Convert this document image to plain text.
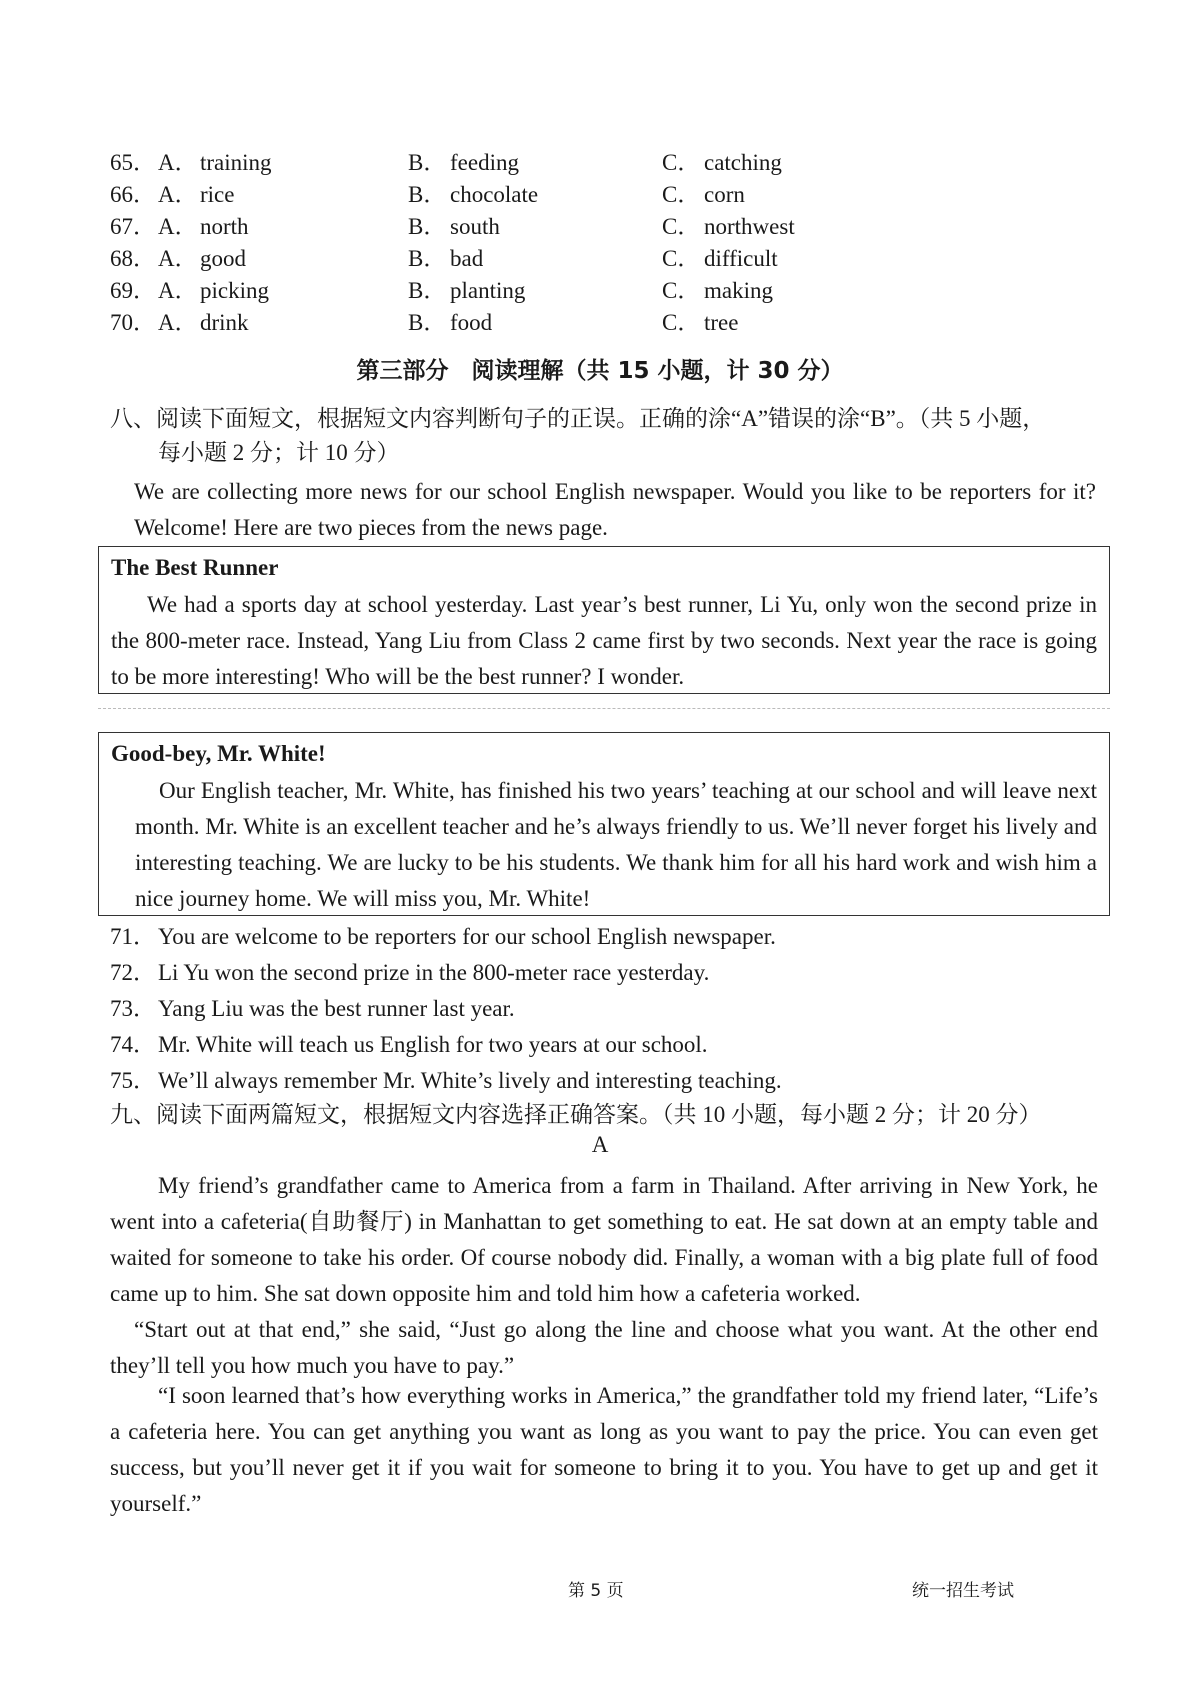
65． A． training	B． feeding	C． catching
66． A． rice	B． chocolate	C． corn
67． A． north	B． south	C． northwest
68． A． good	B． bad	C． difficult
69． A． picking	B． planting	C． making
70． A． drink	B． food	C． tree
第三部分　阅读理解（共 15 小题，计 30 分）
八、阅读下面短文，根据短文内容判断句子的正误。正确的涂“A”错误的涂“B”。（共 5 小题，
每小题 2 分；计 10 分）
We are collecting more news for our school English newspaper. Would you like to be reporters for it? Welcome! Here are two pieces from the news page.
The Best Runner
We had a sports day at school yesterday. Last year’s best runner, Li Yu, only won the second prize in the 800-meter race. Instead, Yang Liu from Class 2 came first by two seconds. Next year the race is going to be more interesting! Who will be the best runner? I wonder.
Good-bey, Mr. White!
Our English teacher, Mr. White, has finished his two years’ teaching at our school and will leave next month. Mr. White is an excellent teacher and he’s always friendly to us. We’ll never forget his lively and interesting teaching. We are lucky to be his students. We thank him for all his hard work and wish him a nice journey home. We will miss you, Mr. White!
71．You are welcome to be reporters for our school English newspaper.
72．Li Yu won the second prize in the 800-meter race yesterday.
73．Yang Liu was the best runner last year.
74．Mr. White will teach us English for two years at our school.
75．We’ll always remember Mr. White’s lively and interesting teaching.
九、阅读下面两篇短文，根据短文内容选择正确答案。（共 10 小题，每小题 2 分；计 20 分）
A
My friend’s grandfather came to America from a farm in Thailand. After arriving in New York, he went into a cafeteria(自助餐厅) in Manhattan to get something to eat. He sat down at an empty table and waited for someone to take his order. Of course nobody did. Finally, a woman with a big plate full of food came up to him. She sat down opposite him and told him how a cafeteria worked.
“Start out at that end,” she said, “Just go along the line and choose what you want. At the other end they’ll tell you how much you have to pay.”
“I soon learned that’s how everything works in America,” the grandfather told my friend later, “Life’s a cafeteria here. You can get anything you want as long as you want to pay the price. You can even get success, but you’ll never get it if you wait for someone to bring it to you. You have to get up and get it yourself.”
第 5 页	统一招生考试
